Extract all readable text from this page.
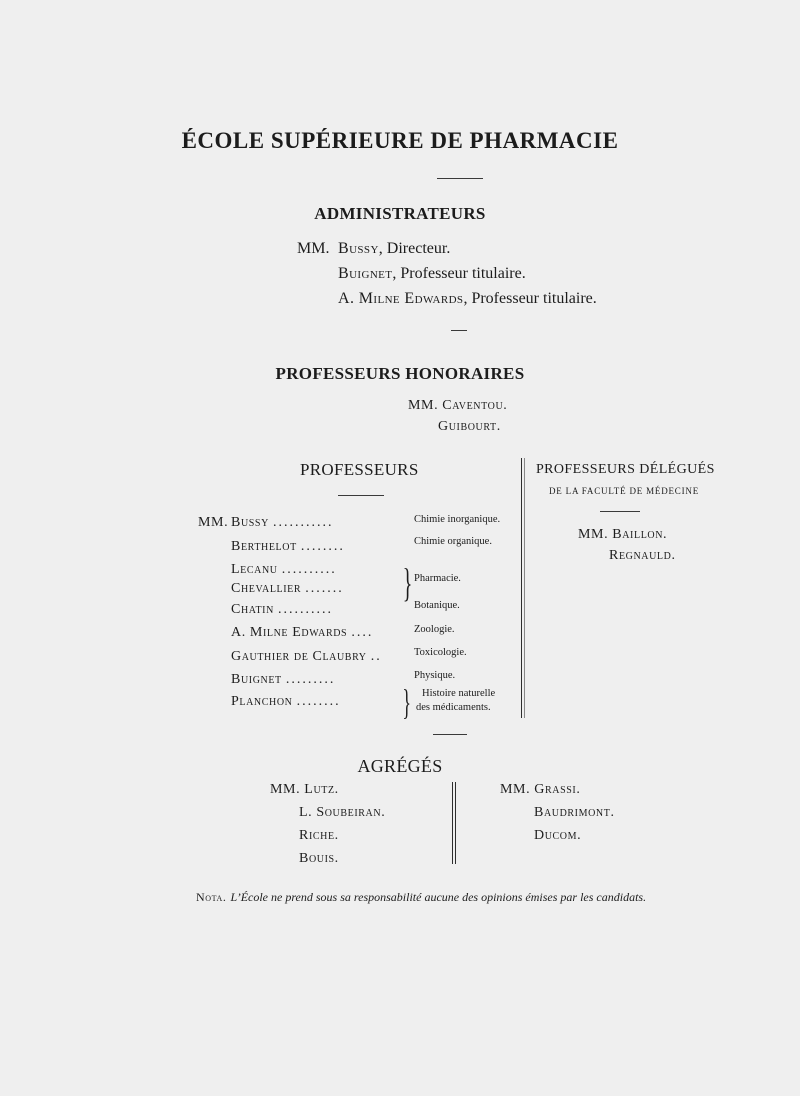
ÉCOLE SUPÉRIEURE DE PHARMACIE
ADMINISTRATEURS
MM. Bussy, Directeur.
Buignet, Professeur titulaire.
A. Milne Edwards, Professeur titulaire.
PROFESSEURS HONORAIRES
MM. Caventou.
Guibourt.
PROFESSEURS
MM. Bussy ...........	Chimie inorganique.
Berthelot ........	Chimie organique.
Lecanu ..........
Chevallier ....... } Pharmacie.
Chatin ..........	Botanique.
A. Milne Edwards ....	Zoologie.
Gauthier de Claubry ..	Toxicologie.
Buignet .........	Physique.
Planchon ........ } Histoire naturelle
des médicaments.
PROFESSEURS DÉLÉGUÉS
DE LA FACULTÉ DE MÉDECINE
MM. Baillon.
Regnauld.
AGRÉGÉS
MM. Lutz.
L. Soubeiran.
Riche.
Bouis.
MM. Grassi.
Baudrimont.
Ducom.
Nota. L’École ne prend sous sa responsabilité aucune des opinions émises par les candidats.
